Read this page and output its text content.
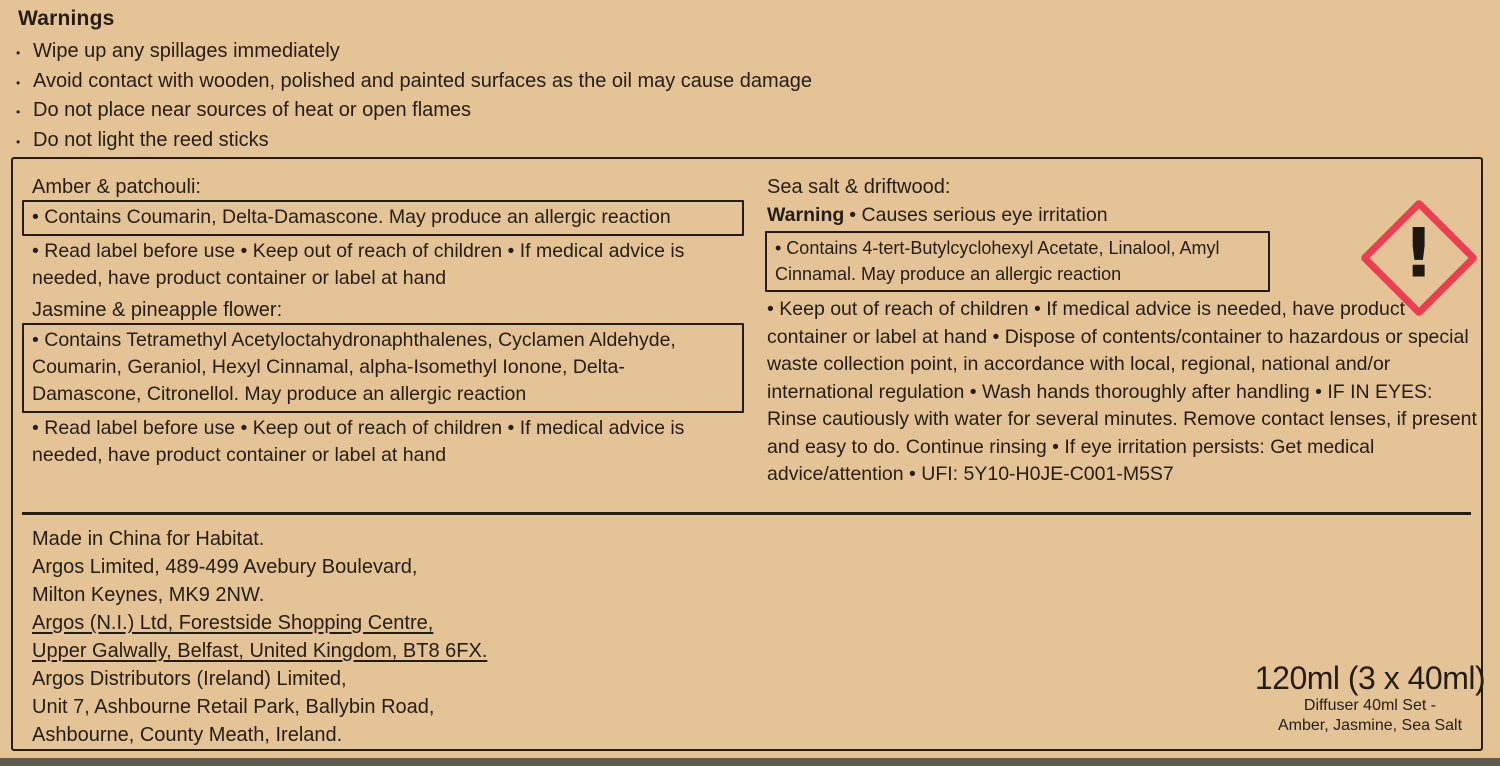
Warnings
• Wipe up any spillages immediately
• Avoid contact with wooden, polished and painted surfaces as the oil may cause damage
• Do not place near sources of heat or open flames
• Do not light the reed sticks

Amber & patchouli:

• Contains Coumarin, Delta-Damascone. May produce an allergic reaction

• Read label before use • Keep out of reach of children • If medical advice is needed, have product container or label at hand

Jasmine & pineapple flower:

• Contains Tetramethyl Acetyloctahydronaphthalenes, Cyclamen Aldehyde, Coumarin, Geraniol, Hexyl Cinnamal, alpha-Isomethyl Ionone, Delta-Damascone, Citronellol. May produce an allergic reaction

• Read label before use • Keep out of reach of children • If medical advice is needed, have product container or label at hand

Sea salt & driftwood:

Warning • Causes serious eye irritation

• Contains 4-tert-Butylcyclohexyl Acetate, Linalool, Amyl Cinnamal. May produce an allergic reaction

• Keep out of reach of children • If medical advice is needed, have product container or label at hand • Dispose of contents/container to hazardous or special waste collection point, in accordance with local, regional, national and/or international regulation • Wash hands thoroughly after handling • IF IN EYES: Rinse cautiously with water for several minutes. Remove contact lenses, if present and easy to do. Continue rinsing • If eye irritation persists: Get medical advice/attention • UFI: 5Y10-H0JE-C001-M5S7

!
Made in China for Habitat.
Argos Limited, 489-499 Avebury Boulevard,
Milton Keynes, MK9 2NW.
Argos (N.I.) Ltd, Forestside Shopping Centre,
Upper Galwally, Belfast, United Kingdom, BT8 6FX.
Argos Distributors (Ireland) Limited,
Unit 7, Ashbourne Retail Park, Ballybin Road,
Ashbourne, County Meath, Ireland.
120ml (3 x 40ml)
Diffuser 40ml Set -
Amber, Jasmine, Sea Salt
